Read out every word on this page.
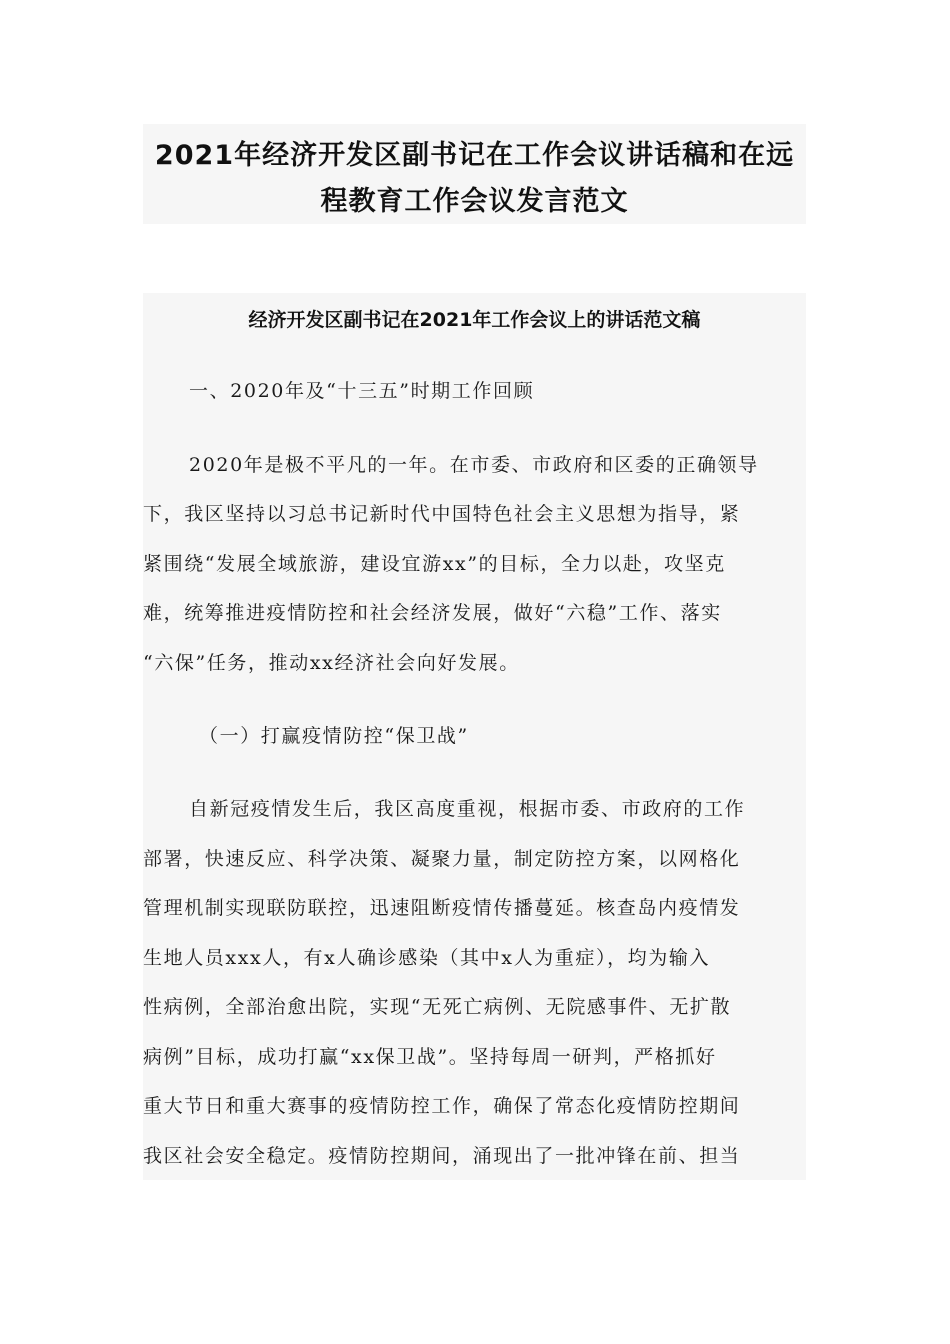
2021年经济开发区副书记在工作会议讲话稿和在远
程教育工作会议发言范文
经济开发区副书记在2021年工作会议上的讲话范文稿
一、2020年及“十三五”时期工作回顾
2020年是极不平凡的一年。在市委、市政府和区委的正确领导
下，我区坚持以习总书记新时代中国特色社会主义思想为指导，紧
紧围绕“发展全域旅游，建设宜游xx”的目标，全力以赴，攻坚克
难，统筹推进疫情防控和社会经济发展，做好“六稳”工作、落实
“六保”任务，推动xx经济社会向好发展。
（一）打赢疫情防控“保卫战”
自新冠疫情发生后，我区高度重视，根据市委、市政府的工作
部署，快速反应、科学决策、凝聚力量，制定防控方案，以网格化
管理机制实现联防联控，迅速阻断疫情传播蔓延。核查岛内疫情发
生地人员xxx人，有x人确诊感染（其中x人为重症），均为输入
性病例，全部治愈出院，实现“无死亡病例、无院感事件、无扩散
病例”目标，成功打赢“xx保卫战”。坚持每周一研判，严格抓好
重大节日和重大赛事的疫情防控工作，确保了常态化疫情防控期间
我区社会安全稳定。疫情防控期间，涌现出了一批冲锋在前、担当
